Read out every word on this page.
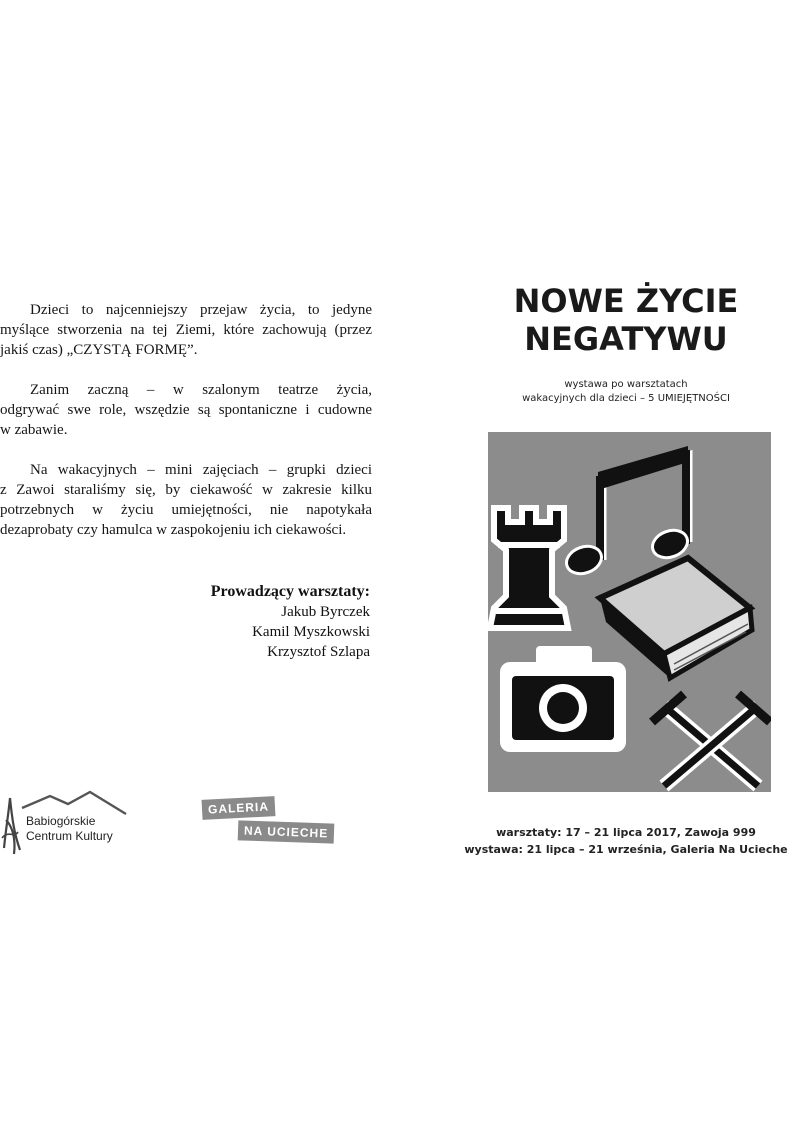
Dzieci to najcenniejszy przejaw życia, to jedyne
myślące stworzenia na tej Ziemi, które zachowują (przez
jakiś czas) „CZYSTĄ FORMĘ”.

Zanim zaczną – w szalonym teatrze życia,
odgrywać swe role, wszędzie są spontaniczne i cudowne
w zabawie.

Na wakacyjnych – mini zajęciach – grupki dzieci
z Zawoi staraliśmy się, by ciekawość w zakresie kilku
potrzebnych w życiu umiejętności, nie napotykała
dezaprobaty czy hamulca w zaspokojeniu ich ciekawości.

Prowadzący warsztaty:
Jakub Byrczek
Kamil Myszkowski
Krzysztof Szlapa
Babiogórskie
Centrum Kultury
GALERIA
NA UCIECHE
NOWE ŻYCIE
NEGATYWU
wystawa po warsztatach
wakacyjnych dla dzieci – 5 UMIEJĘTNOŚCI
warsztaty: 17 – 21 lipca 2017, Zawoja 999
wystawa: 21 lipca – 21 września, Galeria Na Ucieche
